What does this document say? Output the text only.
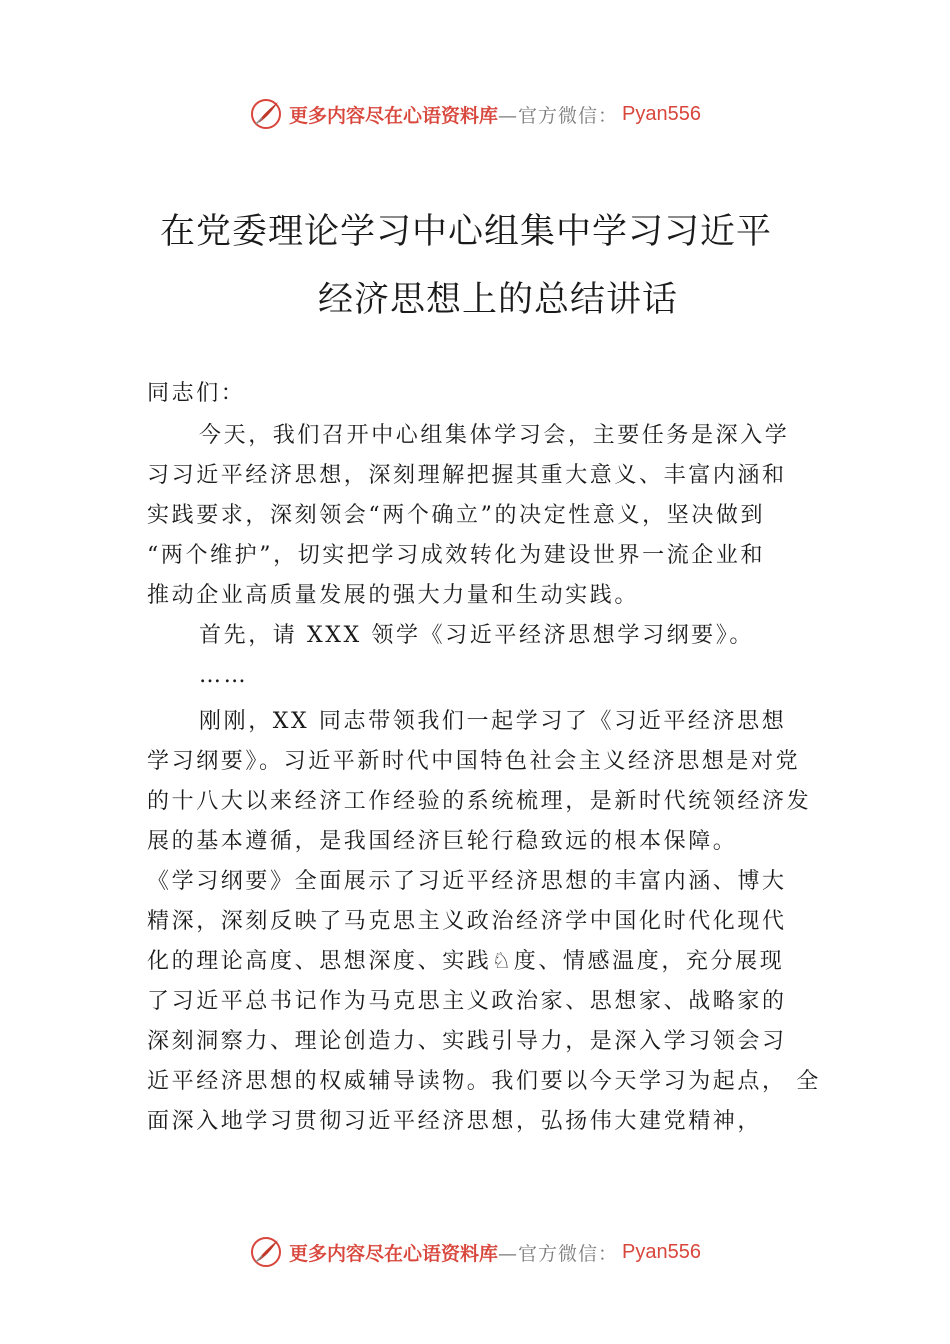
更多内容尽在心语资料库 —官方微信： Pyan556
在党委理论学习中心组集中学习习近平
经济思想上的总结讲话
同志们：
今天，我们召开中心组集体学习会，主要任务是深入学
习习近平经济思想，深刻理解把握其重大意义、丰富内涵和
实践要求，深刻领会“两个确立”的决定性意义，坚决做到
“两个维护”，切实把学习成效转化为建设世界一流企业和
推动企业高质量发展的强大力量和生动实践。
首先，请 XXX 领学《习近平经济思想学习纲要》。
……
刚刚，XX 同志带领我们一起学习了《习近平经济思想
学习纲要》。习近平新时代中国特色社会主义经济思想是对党
的十八大以来经济工作经验的系统梳理，是新时代统领经济发
展的基本遵循，是我国经济巨轮行稳致远的根本保障。
《学习纲要》全面展示了习近平经济思想的丰富内涵、博大
精深，深刻反映了马克思主义政治经济学中国化时代化现代
化的理论高度、思想深度、实践♘度、情感温度，充分展现
了习近平总书记作为马克思主义政治家、思想家、战略家的
深刻洞察力、理论创造力、实践引导力，是深入学习领会习
近平经济思想的权威辅导读物。我们要以今天学习为起点， 全
面深入地学习贯彻习近平经济思想，弘扬伟大建党精神，
更多内容尽在心语资料库 —官方微信： Pyan556
